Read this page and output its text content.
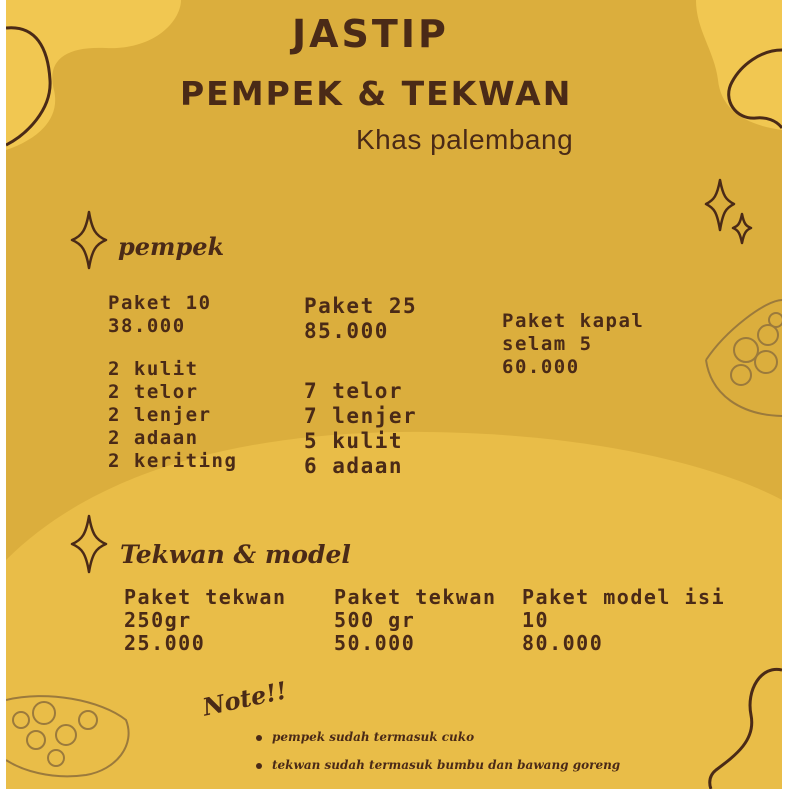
JASTIP
PEMPEK & TEKWAN
Khas palembang
pempek
Paket 10
38.000
2 kulit
2 telor
2 lenjer
2 adaan
2 keriting
Paket 25
85.000
7 telor
7 lenjer
5 kulit
6 adaan
Paket kapal
selam 5
60.000
Tekwan & model
Paket tekwan
250gr
25.000
Paket tekwan
500 gr
50.000
Paket model isi
10
80.000
Note!!
pempek sudah termasuk cuko
tekwan sudah termasuk bumbu dan bawang goreng
